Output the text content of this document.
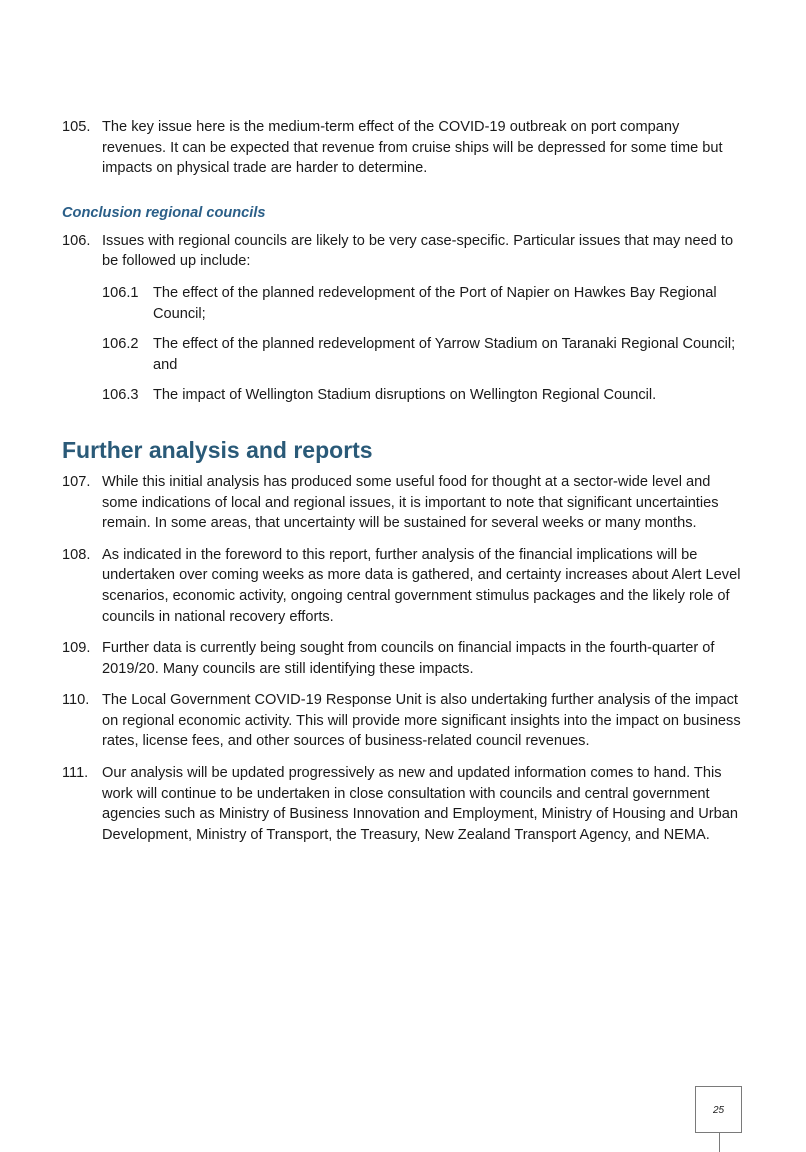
105. The key issue here is the medium-term effect of the COVID-19 outbreak on port company revenues. It can be expected that revenue from cruise ships will be depressed for some time but impacts on physical trade are harder to determine.
Conclusion regional councils
106. Issues with regional councils are likely to be very case-specific. Particular issues that may need to be followed up include:
106.1 The effect of the planned redevelopment of the Port of Napier on Hawkes Bay Regional Council;
106.2 The effect of the planned redevelopment of Yarrow Stadium on Taranaki Regional Council; and
106.3 The impact of Wellington Stadium disruptions on Wellington Regional Council.
Further analysis and reports
107. While this initial analysis has produced some useful food for thought at a sector-wide level and some indications of local and regional issues, it is important to note that significant uncertainties remain. In some areas, that uncertainty will be sustained for several weeks or many months.
108. As indicated in the foreword to this report, further analysis of the financial implications will be undertaken over coming weeks as more data is gathered, and certainty increases about Alert Level scenarios, economic activity, ongoing central government stimulus packages and the likely role of councils in national recovery efforts.
109. Further data is currently being sought from councils on financial impacts in the fourth-quarter of 2019/20. Many councils are still identifying these impacts.
110. The Local Government COVID-19 Response Unit is also undertaking further analysis of the impact on regional economic activity. This will provide more significant insights into the impact on business rates, license fees, and other sources of business-related council revenues.
111. Our analysis will be updated progressively as new and updated information comes to hand. This work will continue to be undertaken in close consultation with councils and central government agencies such as Ministry of Business Innovation and Employment, Ministry of Housing and Urban Development, Ministry of Transport, the Treasury, New Zealand Transport Agency, and NEMA.
25
